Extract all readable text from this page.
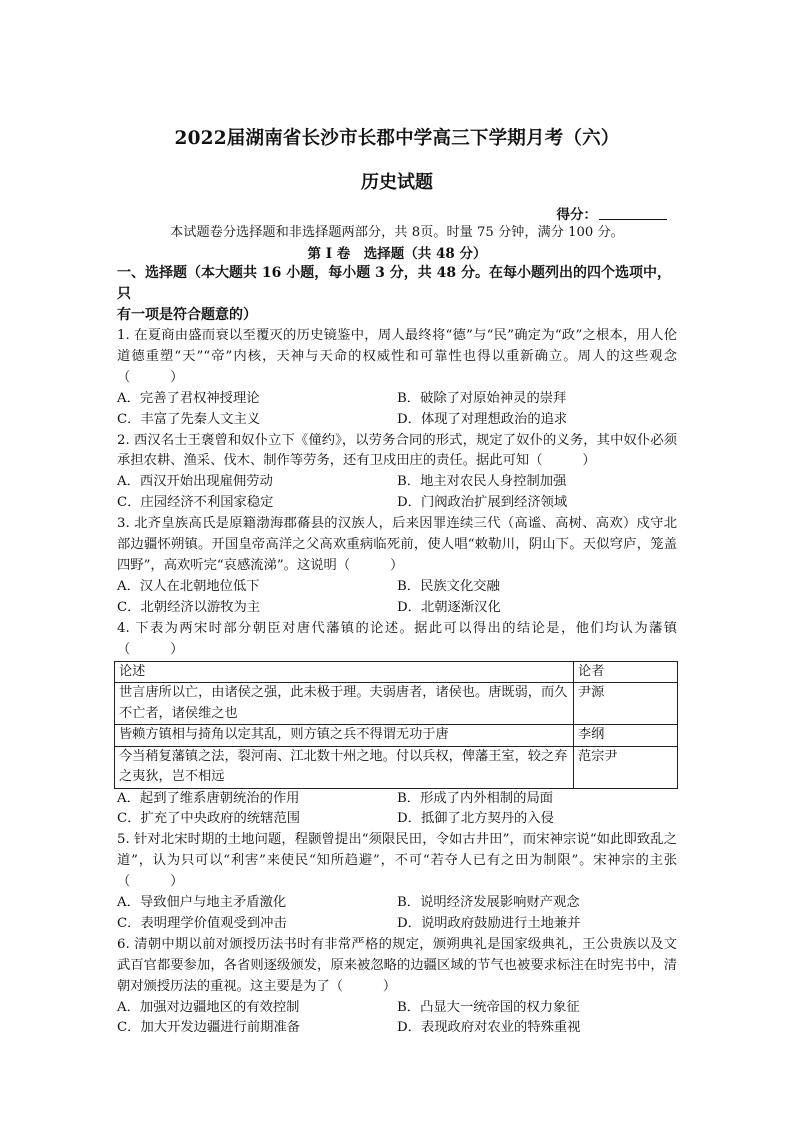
2022届湖南省长沙市长郡中学高三下学期月考（六）
历史试题
得分：
本试题卷分选择题和非选择题两部分，共 8页。时量 75 分钟，满分 100 分。
第 I 卷　选择题（共 48 分）
一、选择题（本大题共 16 小题，每小题 3 分，共 48 分。在每小题列出的四个选项中，只
有一项是符合题意的）
1. 在夏商由盛而衰以至覆灭的历史镜鉴中，周人最终将“德”与“民”确定为“政”之根本，用人伦道德重塑“天”“帝”内核，天神与天命的权威性和可靠性也得以重新确立。周人的这些观念（　　　）
A．完善了君权神授理论	B．破除了对原始神灵的崇拜
C．丰富了先秦人文主义	D．体现了对理想政治的追求
2. 西汉名士王褒曾和奴仆立下《僮约》，以劳务合同的形式，规定了奴仆的义务，其中奴仆必须承担农耕、渔采、伐木、制作等劳务，还有卫戍田庄的责任。据此可知（　　　）
A．西汉开始出现雇佣劳动	B．地主对农民人身控制加强
C．庄园经济不利国家稳定	D．门阀政治扩展到经济领域
3. 北齐皇族高氏是原籍渤海郡蓨县的汉族人，后来因罪连续三代（高谧、高树、高欢）戍守北部边疆怀朔镇。开国皇帝高洋之父高欢重病临死前，使人唱“敕勒川，阴山下。天似穹庐，笼盖四野”，高欢听完“哀感流涕”。这说明（　　　）
A．汉人在北朝地位低下	B．民族文化交融
C．北朝经济以游牧为主	D．北朝逐渐汉化
4. 下表为两宋时部分朝臣对唐代藩镇的论述。据此可以得出的结论是，他们均认为藩镇（　　　）
论述	论者
世言唐所以亡，由诸侯之强，此未极于理。夫弱唐者，诸侯也。唐既弱，而久不亡者，诸侯维之也	尹源
皆赖方镇相与掎角以定其乱，则方镇之兵不得谓无功于唐	李纲
今当稍复藩镇之法，裂河南、江北数十州之地。付以兵权，俾藩王室，较之弃之夷狄，岂不相远	范宗尹
A．起到了维系唐朝统治的作用	B．形成了内外相制的局面
C．扩充了中央政府的统辖范围	D．抵御了北方契丹的入侵
5. 针对北宋时期的土地问题，程颢曾提出“须限民田，令如古井田”，而宋神宗说“如此即致乱之道”，认为只可以“利害”来使民“知所趋避”，不可“若夺人已有之田为制限”。宋神宗的主张（　　　）
A．导致佃户与地主矛盾激化	B．说明经济发展影响财产观念
C．表明理学价值观受到冲击	D．说明政府鼓励进行土地兼并
6. 清朝中期以前对颁授历法书时有非常严格的规定，颁朔典礼是国家级典礼，王公贵族以及文武百官都要参加，各省则逐级颁发，原来被忽略的边疆区域的节气也被要求标注在时宪书中，清朝对颁授历法的重视。这主要是为了（　　　）
A．加强对边疆地区的有效控制	B．凸显大一统帝国的权力象征
C．加大开发边疆进行前期准备	D．表现政府对农业的特殊重视
